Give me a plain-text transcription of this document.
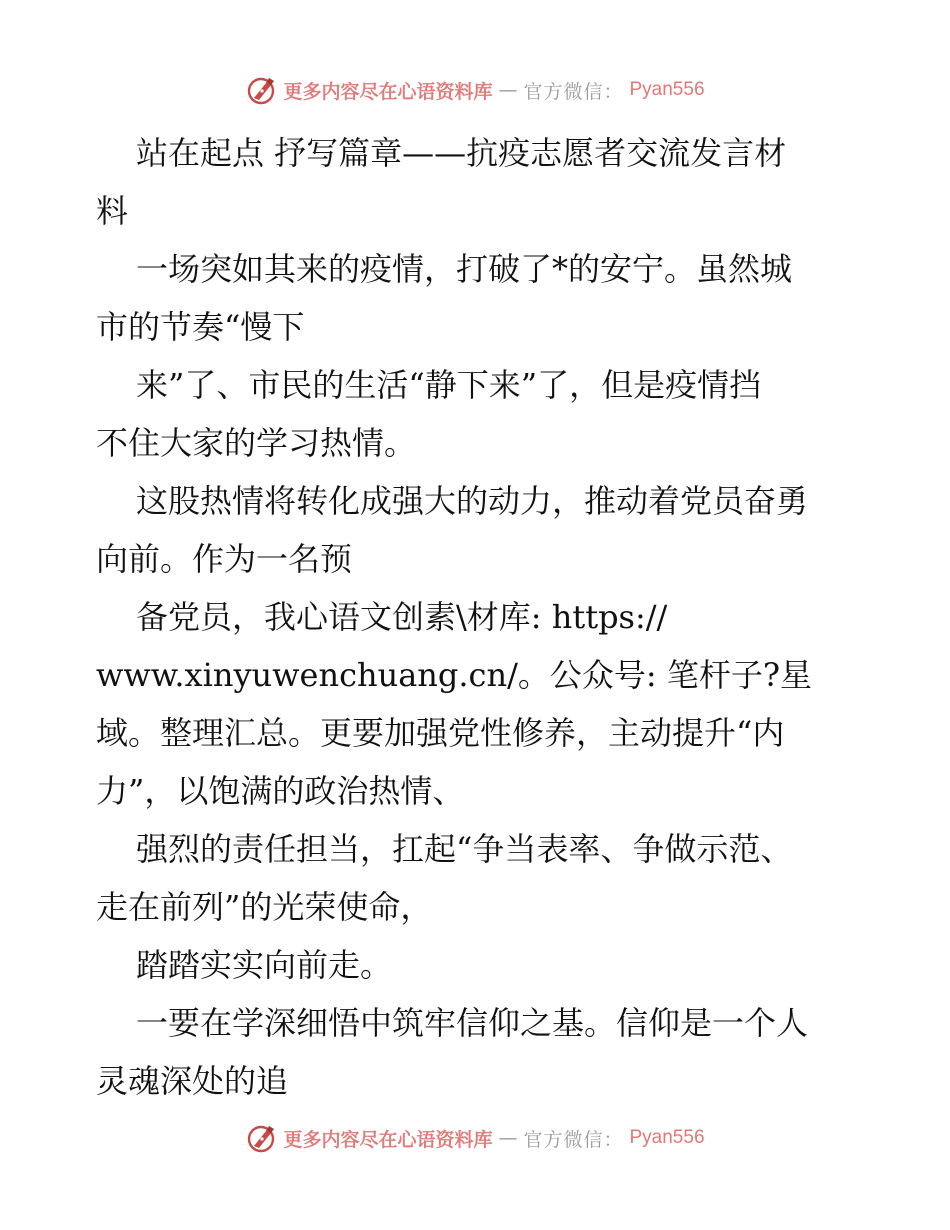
更多内容尽在心语资料库 — 官方微信： Pyan556
站在起点 抒写篇章——抗疫志愿者交流发言材
料
一场突如其来的疫情，打破了*的安宁。虽然城
市的节奏“慢下
来”了、市民的生活“静下来”了，但是疫情挡
不住大家的学习热情。
这股热情将转化成强大的动力，推动着党员奋勇
向前。作为一名预
备党员，我心语文创素\材库: https://
www.xinyuwenchuang.cn/。公众号: 笔杆子?星
域。整理汇总。更要加强党性修养，主动提升“内
力”，以饱满的政治热情、
强烈的责任担当，扛起“争当表率、争做示范、
走在前列”的光荣使命，
踏踏实实向前走。
一要在学深细悟中筑牢信仰之基。信仰是一个人
灵魂深处的追
更多内容尽在心语资料库 — 官方微信： Pyan556
